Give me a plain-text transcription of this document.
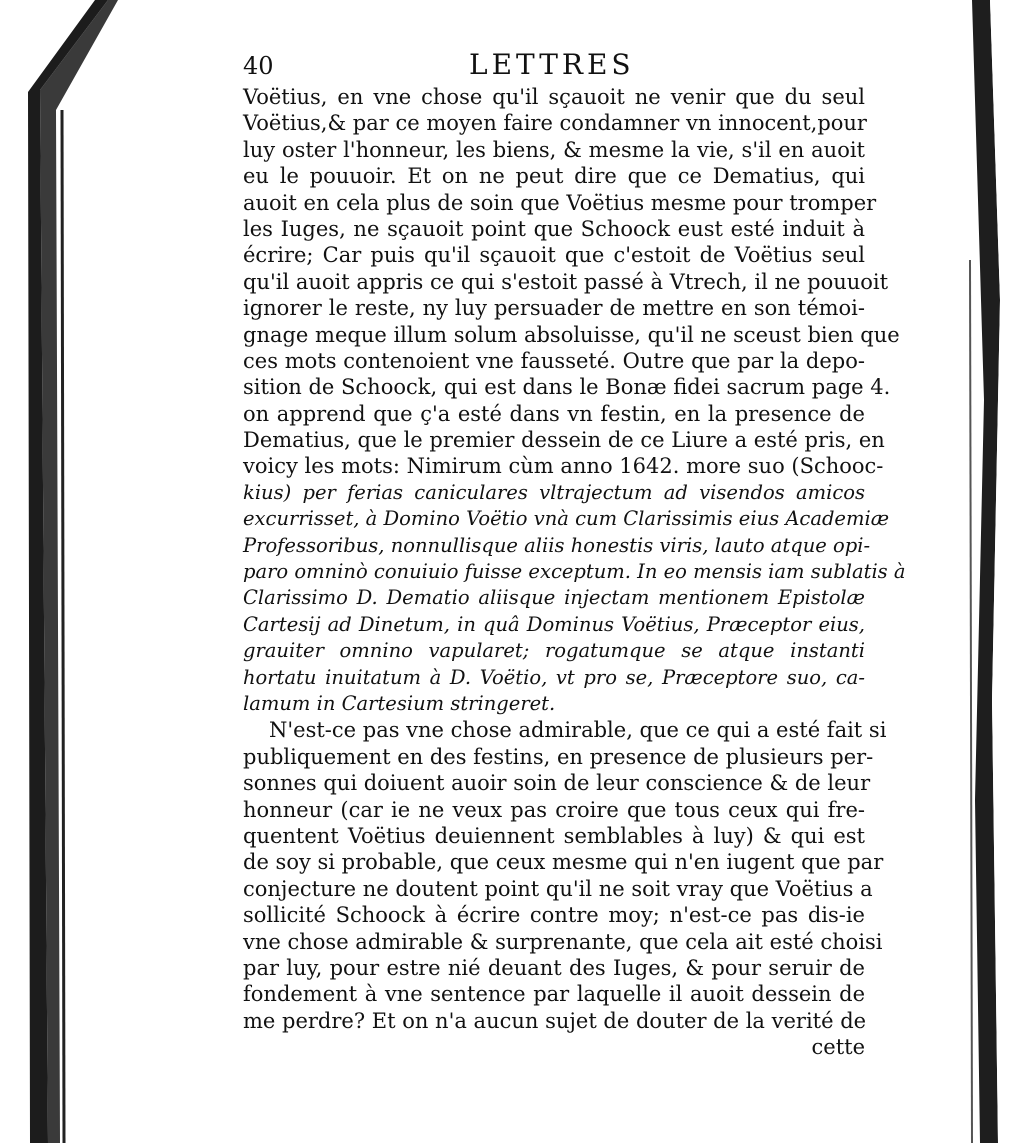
40	LETTRES
Voëtius, en vne chose qu'il sçauoit ne venir que du seul
Voëtius,& par ce moyen faire condamner vn innocent,pour
luy oster l'honneur, les biens, & mesme la vie, s'il en auoit
eu le pouuoir. Et on ne peut dire que ce Dematius, qui
auoit en cela plus de soin que Voëtius mesme pour tromper
les Iuges, ne sçauoit point que Schoock eust esté induit à
écrire; Car puis qu'il sçauoit que c'estoit de Voëtius seul
qu'il auoit appris ce qui s'estoit passé à Vtrech, il ne pouuoit
ignorer le reste, ny luy persuader de mettre en son témoi-
gnage meque illum solum absoluisse, qu'il ne sceust bien que
ces mots contenoient vne fausseté. Outre que par la depo-
sition de Schoock, qui est dans le Bonæ fidei sacrum page 4.
on apprend que ç'a esté dans vn festin, en la presence de
Dematius, que le premier dessein de ce Liure a esté pris, en
voicy les mots: Nimirum cùm anno 1642. more suo (Schooc-
kius) per ferias caniculares vltrajectum ad visendos amicos
excurrisset, à Domino Voëtio vnà cum Clarissimis eius Academiæ
Professoribus, nonnullisque aliis honestis viris, lauto atque opi-
paro omninò conuiuio fuisse exceptum. In eo mensis iam sublatis à
Clarissimo D. Dematio aliisque injectam mentionem Epistolæ
Cartesij ad Dinetum, in quâ Dominus Voëtius, Præceptor eius,
grauiter omnino vapularet; rogatumque se atque instanti
hortatu inuitatum à D. Voëtio, vt pro se, Præceptore suo, ca-
lamum in Cartesium stringeret.
N'est-ce pas vne chose admirable, que ce qui a esté fait si
publiquement en des festins, en presence de plusieurs per-
sonnes qui doiuent auoir soin de leur conscience & de leur
honneur (car ie ne veux pas croire que tous ceux qui fre-
quentent Voëtius deuiennent semblables à luy) & qui est
de soy si probable, que ceux mesme qui n'en iugent que par
conjecture ne doutent point qu'il ne soit vray que Voëtius a
sollicité Schoock à écrire contre moy; n'est-ce pas dis-ie
vne chose admirable & surprenante, que cela ait esté choisi
par luy, pour estre nié deuant des Iuges, & pour seruir de
fondement à vne sentence par laquelle il auoit dessein de
me perdre? Et on n'a aucun sujet de douter de la verité de
cette
